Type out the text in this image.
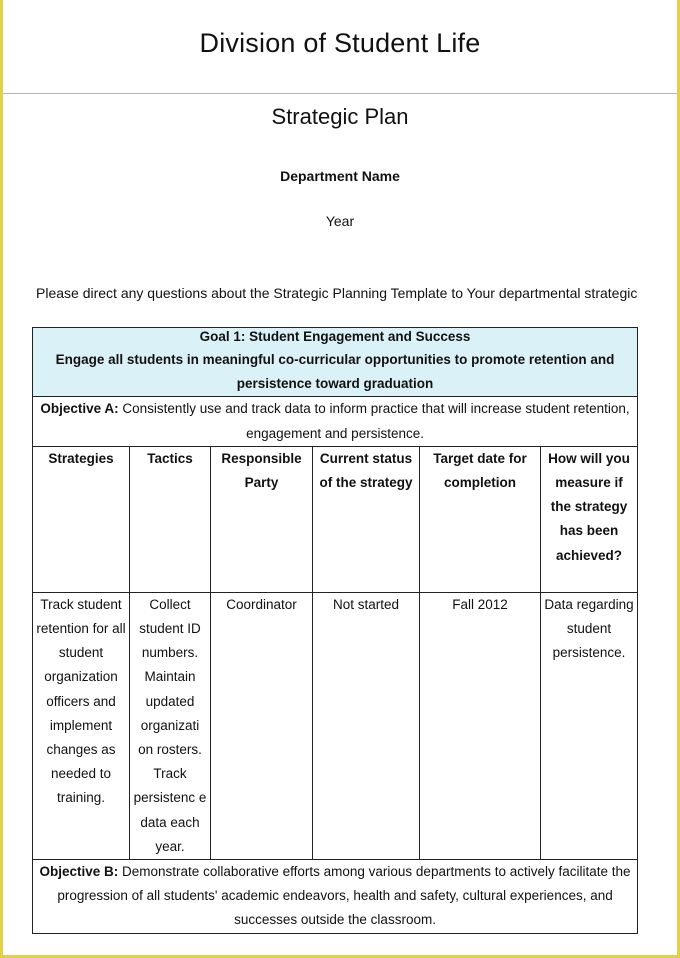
Division of Student Life
Strategic Plan
Department Name
Year
Please direct any questions about the Strategic Planning Template to Your departmental strategic
Goal 1: Student Engagement and Success
Engage all students in meaningful co-curricular opportunities to promote retention and persistence toward graduation					

Objective A: Consistently use and track data to inform practice that will increase student retention, engagement and persistence.					
Strategies	Tactics	Responsible Party	Current status of the strategy	Target date for completion	How will you measure if the strategy has been achieved?
Track student retention for all student organization officers and implement changes as needed to training.	Collect student ID numbers. Maintain updated organizati on rosters. Track persistenc e data each year.	Coordinator	Not started	Fall 2012	Data regarding student persistence.
Objective B: Demonstrate collaborative efforts among various departments to actively facilitate the progression of all students' academic endeavors, health and safety, cultural experiences, and successes outside the classroom.					
